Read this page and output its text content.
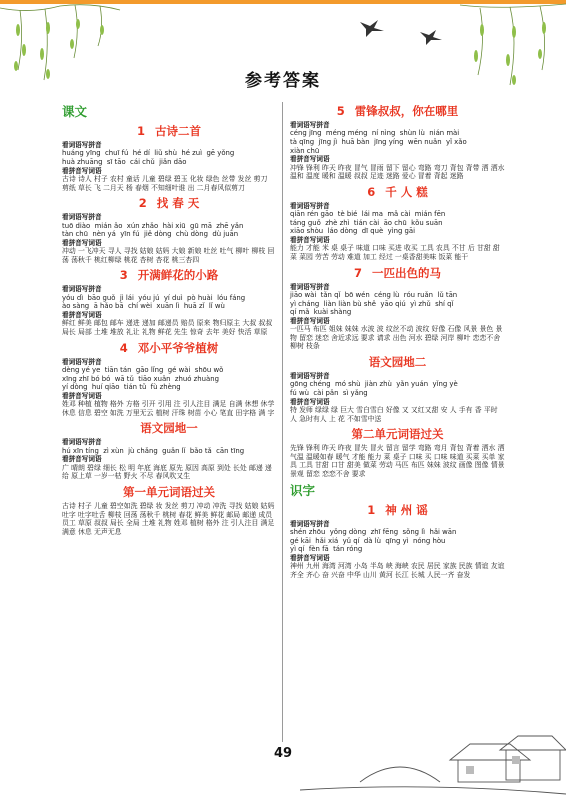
参考答案
课文
1 古诗二首
看词语写拼音
huáng yīng  chuī fú  hé dí  liǔ shù  hé zuì  gē yǒng
huà zhuāng  sī tāo  cái chǔ  jiǎn dāo
看拼音写词语
古诗 诗人 村子 农村 童话 儿童 碧绿 碧玉 化妆 绿色 丝带 发丝 剪刀 剪纸 草长 飞 二月天 杨 春烟 不知细叶谁 出 二月春风似剪刀
2 找 春 天
看词语写拼音
tuō diào  mián ǎo  xún zhǎo  hài xiū  gū mā  zhē yǎn
tàn chū  nèn yá  yīn fú  jiě dòng  chù dòng  dù juān
看拼音写词语
冲动 一飞冲天 寻人 寻找 姑娘 姑妈 大娘 新娘 吐丝 吐气 柳叶 柳枝 回荡 荡秋千 桃红柳绿 桃花 杏树 杏花 桃三杏四
3 开满鲜花的小路
看词语写拼音
yóu dì  bāo guǒ  jì lái  yóu jú  yí duì  pò huài  lóu fáng
ào sàng  ā hǎo bā  chí wèi  xuān lì  huā zǐ  lǐ wù
看拼音写词语
鲜红 鲜美 邮包 邮车 递进 递加 邮递员 赔员 原来 物归原主 大叔 叔叔 局长 局部 土堆 堆放 礼让 礼物 鲜花 先生 惊奇 去年 美好 快活 草原
4 邓小平爷爷植树
看词语写拼音
dèng yé ye  tiān tán  gāo lǐng  gé wài  shōu wǒ
xīng zhī bó bó  wā tǔ  tiāo xuǎn  zhuó zhuàng
yí dòng  huí qiāo  tián tǔ  fù zhèng
看拼音写词语
姓邓 种植 植物 格外 方格 引开 引用 注 引人注目 满足 自满 休想 休学 休息 信息 碧空 如洗 万里无云 植树 汗珠 树苗 小心 笔直 田字格 满 字
语文园地一
看词语写拼音
hú xīn tíng  zì xùn  jù chǎng  guǎn lǐ  bǎo tǎ  cān tīng
看拼音写词语
广 晴朗 碧绿 细长 松 明 年底 海底 原先 原因 高原 到处 长处 邮递 递给 原上草 一岁一枯 野火 不尽 春风吹又生
第一单元词语过关
古诗 村子 儿童 碧空如洗 碧绿 妆 发丝 剪刀 冲动 冲洗 寻找 姑娘 姑妈 吐字 吐字吐舌 柳枝 回荡 荡秋千 桃树 春花 鲜美 鲜花 邮局 邮递 成员 员工 草原 叔叔 局长 全局 土堆 礼物 姓邓 植树 格外 注 引人注目 满足 满意 休息 无声无息
5 雷锋叔叔，你在哪里
看词语写拼音
céng jīng  méng méng  ní nìng  shùn lù  nián mài
tà qīng  jīng jì  huā bàn  jīng yíng  wēn nuǎn  yǐ xǎo
xiàn chū
看拼音写词语
冲锋 锋利 昨天 昨夜 冒气 冒雨 留下 留心 弯路 弯刀 背包 背带 洒 洒水 温和 温度 暖和 温暖 叔叔 足迹 迷路 爱心 冒着 背起 迷路
6 千 人 糕
看词语写拼音
qiān rén gāo  tè bié  lái ma  mǎ cài  mián fēn
táng guǒ  zhè zhì  tián cài  āo chū  kǒu suān
xiāo shòu  láo dòng  dī què  yìng gāi
看拼音写词语
能力 才能 米 桌 桌子 味道 口味 买进 收买 工具 农具 不甘 后 甘甜 甜菜 菜园 劳苦 劳动 难道 加工 经过 一桌香甜美味 饭菜 能干
7 一匹出色的马
看词语写拼音
jiāo wài  tǎn qǐ  bō wén  céng lù  róu ruǎn  lǔ tān
yì cháng  liàn liàn bù shě  yāo qiú  yì zhǔ  shí qǐ
qí mǎ  kuài shàng
看拼音写词语
一匹马 布匹 姐妹 妹妹 水波 波 纹丝不动 波纹 好像 石像 风景 景色 景物 留恋 迷恋 舍近求远 要求 请求 出色 河水 碧绿 河岸 柳叶 恋恋不舍 柳树 枝条
语文园地二
看词语写拼音
gōng chéng  mó shù  jiàn zhù  yǎn yuán  yǐng yè
fú wù  cài pǎn  sì yǎng
看拼音写词语
特 发师 绿绿 绿 巨大 雪白雪白 好像 又 又红又甜 安 人 手有 香 平时 人 急时有人 上 花 不如雪中送
第二单元词语过关
先锋 锋利 昨天 昨夜 冒失 冒火 留言 留学 弯路 弯月 背包 背着 洒水 洒 气温 温暖如春 暖气 才能 能力 菜 桌子 口味 买 口味 味道 买菜 买单 家具 工具 甘甜 口甘 甜美 做菜 劳动 马匹 布匹 妹妹 波纹 画像 图像 情景 景观 留恋 恋恋不舍 要求
识字
1 神 州 谣
看词语写拼音
shén zhōu  yǒng dòng  zhī fēng  sǒng lì  hǎi wān
gé kāi  hǎi xiá  yǔ qí  dà lù  qīng yì  nóng hòu
yì qí  fèn fā  tán róng
看拼音写词语
神州 九州 海湾 河湾 小岛 半岛 峡 海峡 农民 居民 家族 民族 情谊 友谊 齐全 齐心 奋 兴奋 中华 山川 黄河 长江 长城 人民一齐 奋发
49
